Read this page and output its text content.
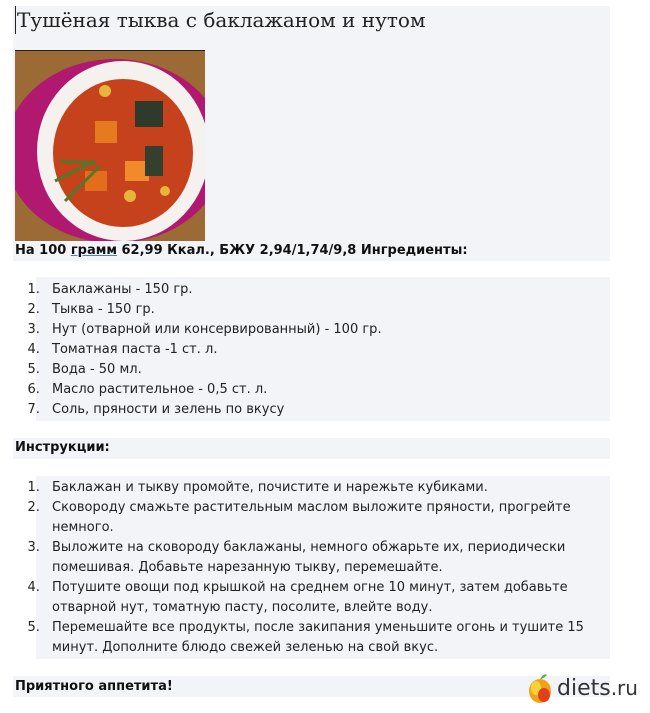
Тушёная тыква с баклажаном и нутом
На 100 грамм 62,99 Ккал., БЖУ 2,94/1,74/9,8 Ингредиенты:
1. Баклажаны - 150 гр.
2. Тыква - 150 гр.
3. Нут (отварной или консервированный) - 100 гр.
4. Томатная паста -1 ст. л.
5. Вода - 50 мл.
6. Масло растительное - 0,5 ст. л.
7. Соль, пряности и зелень по вкусу
Инструкции:
1. Баклажан и тыкву промойте, почистите и нарежьте кубиками.
2. Сковороду смажьте растительным маслом выложите пряности, прогрейте немного.
3. Выложите на сковороду баклажаны, немного обжарьте их, периодически помешивая. Добавьте нарезанную тыкву, перемешайте.
4. Потушите овощи под крышкой на среднем огне 10 минут, затем добавьте отварной нут, томатную пасту, посолите, влейте воду.
5. Перемешайте все продукты, после закипания уменьшите огонь и тушите 15 минут. Дополните блюдо свежей зеленью на свой вкус.
Приятного аппетита!	diets.ru
